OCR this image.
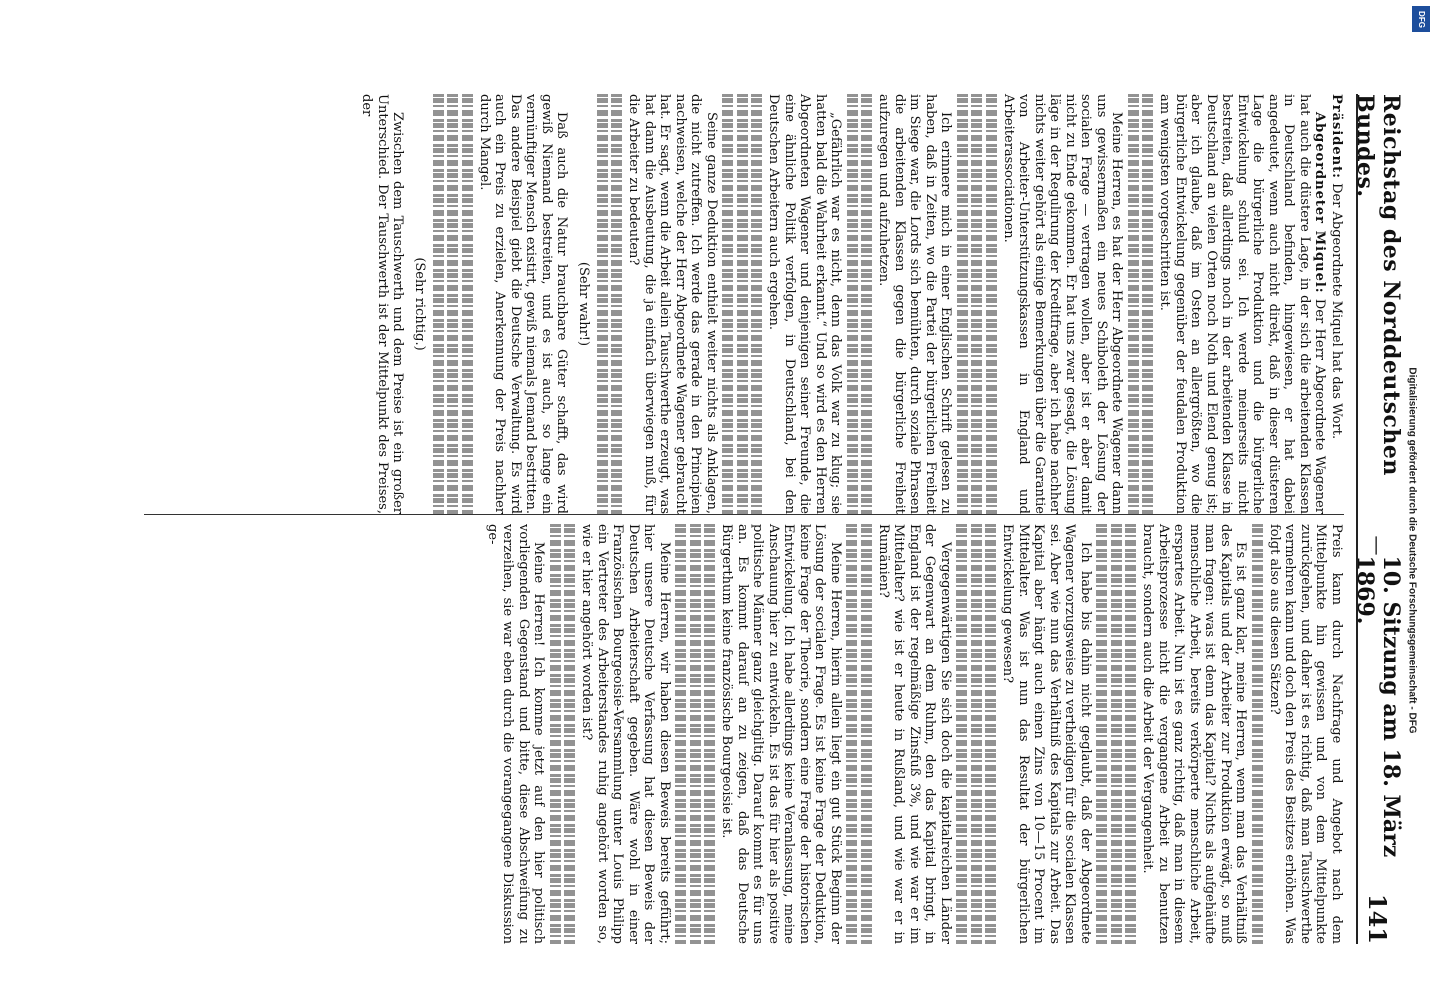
Reichstag des Norddeutschen Bundes.
—
10. Sitzung am 18. März 1869.
141

Präsident: Der Abgeordnete Miquel hat das Wort.

Abgeordneter Miquel: Der Herr Abgeordnete Wagener hat auch die düstere Lage, in der sich die arbeitenden Klassen in Deutschland befinden, hingewiesen, er hat dabei angedeutet, wenn auch nicht direkt, daß in dieser düsteren Lage die bürgerliche Produktion und die bürgerliche Entwickelung schuld sei. Ich werde meinerseits nicht bestreiten, daß allerdings noch in der arbeitenden Klasse in Deutschland an vielen Orten noch Noth und Elend genug ist; aber ich glaube, daß im Osten an allergrößten, wo die bürgerliche Entwickelung gegenüber der feudalen Produktion am wenigsten vorgeschritten ist.

Meine Herren, es hat der Herr Abgeordnete Wagener dann uns gewissermaßen ein neues Schiboleth der Lösung der socialen Frage — vertragen wollen, aber ist er aber damit nicht zu Ende gekommen. Er hat uns zwar gesagt, die Lösung läge in der Regulirung der Kreditfrage, aber ich habe nachher nichts weiter gehört als einige Bemerkungen über die Garantie von Arbeiter-Unterstützungskassen in England und Arbeiterassociationen.

Ich erinnere mich in einer Englischen Schrift gelesen zu haben, daß in Zeiten, wo die Partei der bürgerlichen Freiheit im Siege war, die Lords sich bemühten, durch soziale Phrasen die arbeitenden Klassen gegen die bürgerliche Freiheit aufzuregen und aufzuhetzen.

„Gefährlich war es nicht, denn das Volk war zu klug; sie hatten bald die Wahrheit erkannt.“ Und so wird es den Herren Abgeordneten Wagener und denjenigen seiner Freunde, die eine ähnliche Politik verfolgen, in Deutschland, bei den Deutschen Arbeitern auch ergehen.

Seine ganze Deduktion enthielt weiter nichts als Anklagen, die nicht zutreffen. Ich werde das gerade in den Principien nachweisen, welche der Herr Abgeordnete Wagener gebraucht hat. Er sagt, wenn die Arbeit allein Tauschwerthe erzeugt, was hat dann die Ausbeutung, die ja einfach überwiegen muß, für die Arbeiter zu bedeuten?

(Sehr wahr!)

Daß auch die Natur brauchbare Güter schafft, das wird gewiß Niemand bestreiten, und es ist auch, so lange ein vernünftiger Mensch existirt, gewiß niemals Jemand bestritten. Das andere Beispiel giebt die Deutsche Verwaltung. Es wird auch ein Preis zu erzielen, Anerkennung der Preis nachher durch Mangel.

(Sehr richtig.)

Zwischen dem Tauschwerth und dem Preise ist ein großer Unterschied. Der Tauschwerth ist der Mittelpunkt des Preises, der

Preis kann durch Nachfrage und Angebot nach dem Mittelpunkte hin gewissen und von dem Mittelpunkte zurückgehen, und daher ist es richtig, daß man Tauschwerthe vermehren kann und doch den Preis des Besitzes erhöhen. Was folgt also aus diesen Sätzen?

Es ist ganz klar, meine Herren, wenn man das Verhältniß des Kapitals und der Arbeiter zur Produktion erwägt, so muß man fragen: was ist denn das Kapital? Nichts als aufgehäufte menschliche Arbeit, bereits verkörperte menschliche Arbeit, erspartes Arbeit. Nun ist es ganz richtig, daß man in diesem Arbeitsprozesse nicht die vergangene Arbeit zu benutzen braucht, sondern auch die Arbeit der Vergangenheit.

Ich habe bis dahin nicht geglaubt, daß der Abgeordnete Wagener vorzugsweise zu vertheidigen für die socialen Klassen sei. Aber wie nun das Verhältniß des Kapitals zur Arbeit. Das Kapital aber hängt auch einen Zins von 10—15 Procent im Mittelalter. Was ist nun das Resultat der bürgerlichen Entwickelung gewesen?

Vergegenwärtigen Sie sich doch die kapitalreichen Länder der Gegenwart an dem Ruhm, den das Kapital bringt, in England ist der regelmäßige Zinsfuß 3%, und wie war er im Mittelalter? wie ist er heute in Rußland, und wie war er in Rumänien?

Meine Herren, hierin allein liegt ein gut Stück Beginn der Lösung der socialen Frage. Es ist keine Frage der Deduktion, keine Frage der Theorie, sondern eine Frage der historischen Entwickelung. Ich habe allerdings keine Veranlassung, meine Anschauung hier zu entwickeln. Es ist das für hier als positive politische Männer ganz gleichgiltig. Darauf kommt es für uns an. Es kommt darauf an zu zeigen, daß das Deutsche Bürgerthum keine französische Bourgeoisie ist.

Meine Herren, wir haben diesen Beweis bereits geführt; hier unsere Deutsche Verfassung hat diesen Beweis der Deutschen Arbeiterschaft gegeben. Wäre wohl in einer Französischen Bourgeoisie-Versammlung unter Louis Philipp ein Vertreter des Arbeiterstandes ruhig angehört worden so, wie er hier angehört worden ist?

Meine Herren! Ich komme jetzt auf den hier politisch vorliegenden Gegenstand und bitte, diese Abschweifung zu verzeihen, sie war eben durch die vorangegangene Diskussion ge-

DFG
Digitalisierung gefördert durch die Deutsche Forschungsgemeinschaft - DFG
